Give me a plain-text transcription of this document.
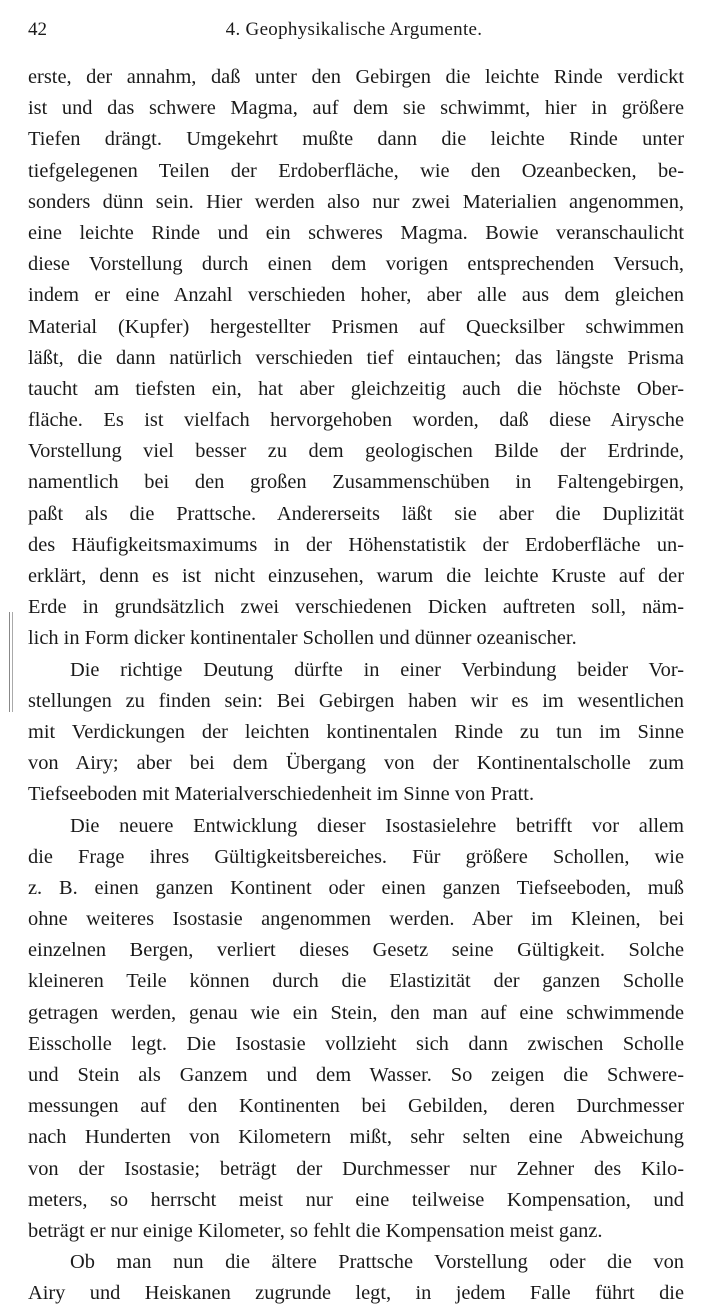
42	4. Geophysikalische Argumente.
erste, der annahm, daß unter den Gebirgen die leichte Rinde verdickt
ist und das schwere Magma, auf dem sie schwimmt, hier in größere
Tiefen drängt. Umgekehrt mußte dann die leichte Rinde unter
tiefgelegenen Teilen der Erdoberfläche, wie den Ozeanbecken, be-
sonders dünn sein. Hier werden also nur zwei Materialien angenommen,
eine leichte Rinde und ein schweres Magma. Bowie veranschaulicht
diese Vorstellung durch einen dem vorigen entsprechenden Versuch,
indem er eine Anzahl verschieden hoher, aber alle aus dem gleichen
Material (Kupfer) hergestellter Prismen auf Quecksilber schwimmen
läßt, die dann natürlich verschieden tief eintauchen; das längste Prisma
taucht am tiefsten ein, hat aber gleichzeitig auch die höchste Ober-
fläche. Es ist vielfach hervorgehoben worden, daß diese Airysche
Vorstellung viel besser zu dem geologischen Bilde der Erdrinde,
namentlich bei den großen Zusammenschüben in Faltengebirgen,
paßt als die Prattsche. Andererseits läßt sie aber die Duplizität
des Häufigkeitsmaximums in der Höhenstatistik der Erdoberfläche un-
erklärt, denn es ist nicht einzusehen, warum die leichte Kruste auf der
Erde in grundsätzlich zwei verschiedenen Dicken auftreten soll, näm-
lich in Form dicker kontinentaler Schollen und dünner ozeanischer.
Die richtige Deutung dürfte in einer Verbindung beider Vor-
stellungen zu finden sein: Bei Gebirgen haben wir es im wesentlichen
mit Verdickungen der leichten kontinentalen Rinde zu tun im Sinne
von Airy; aber bei dem Übergang von der Kontinentalscholle zum
Tiefseeboden mit Materialverschiedenheit im Sinne von Pratt.
Die neuere Entwicklung dieser Isostasielehre betrifft vor allem
die Frage ihres Gültigkeitsbereiches. Für größere Schollen, wie
z. B. einen ganzen Kontinent oder einen ganzen Tiefseeboden, muß
ohne weiteres Isostasie angenommen werden. Aber im Kleinen, bei
einzelnen Bergen, verliert dieses Gesetz seine Gültigkeit. Solche
kleineren Teile können durch die Elastizität der ganzen Scholle
getragen werden, genau wie ein Stein, den man auf eine schwimmende
Eisscholle legt. Die Isostasie vollzieht sich dann zwischen Scholle
und Stein als Ganzem und dem Wasser. So zeigen die Schwere-
messungen auf den Kontinenten bei Gebilden, deren Durchmesser
nach Hunderten von Kilometern mißt, sehr selten eine Abweichung
von der Isostasie; beträgt der Durchmesser nur Zehner des Kilo-
meters, so herrscht meist nur eine teilweise Kompensation, und
beträgt er nur einige Kilometer, so fehlt die Kompensation meist ganz.
Ob man nun die ältere Prattsche Vorstellung oder die von
Airy und Heiskanen zugrunde legt, in jedem Falle führt die
